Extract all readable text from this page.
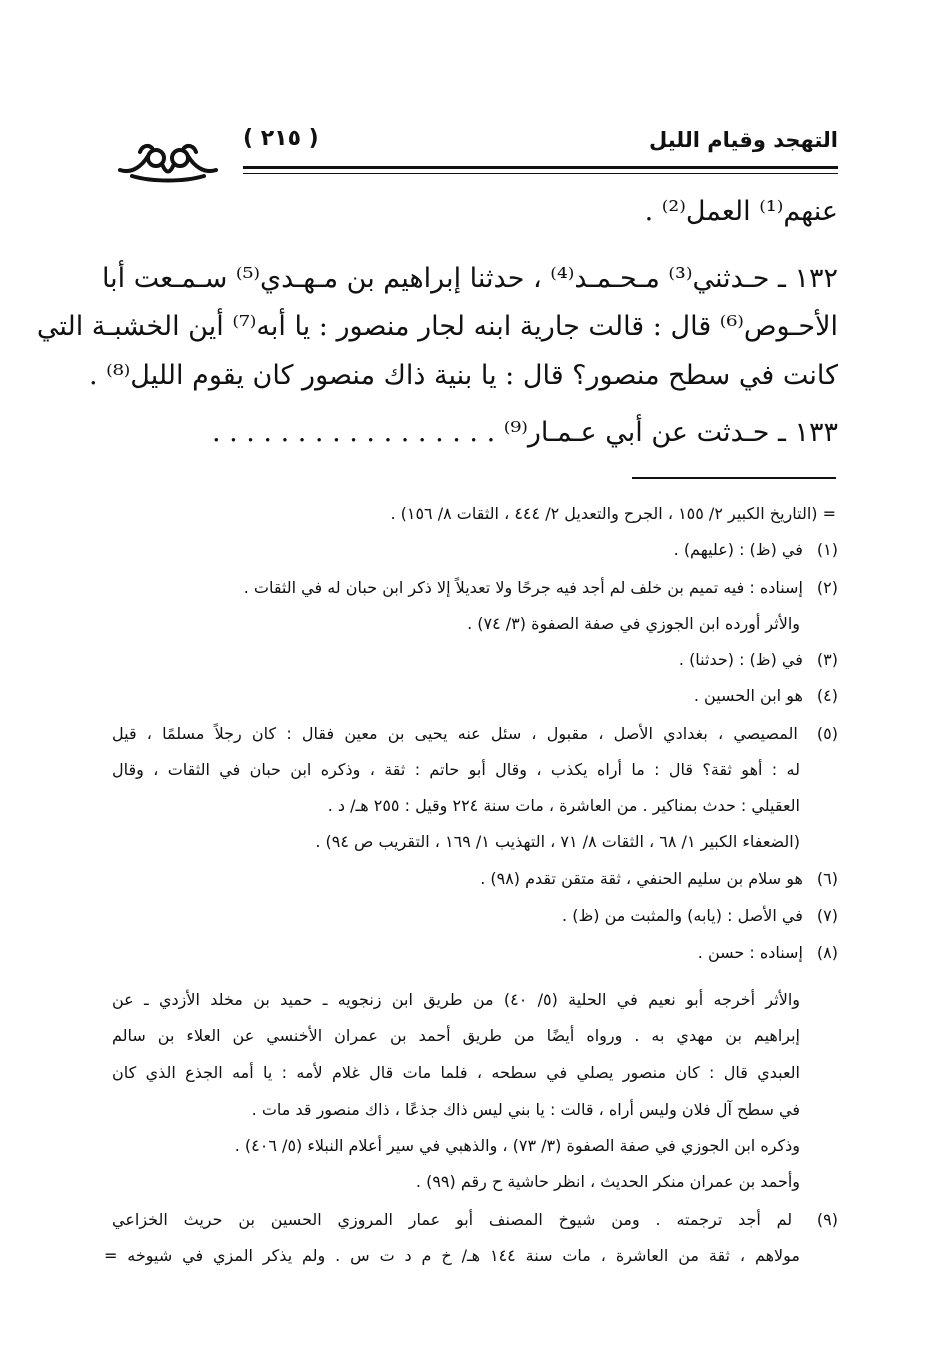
التهجد وقيام الليل
( ٢١٥ )
عنهم⁽¹⁾ العمل⁽²⁾ .
١٣٢ ـ حـدثني⁽³⁾ مـحـمـد⁽⁴⁾ ، حدثنا إبراهيم بن مـهـدي⁽⁵⁾ سـمـعت أبا
الأحـوص⁽⁶⁾ قال : قالت جارية ابنه لجار منصور : يا أبه⁽⁷⁾ أين الخشبـة التي
كانت في سطح منصور؟ قال : يا بنية ذاك منصور كان يقوم الليل⁽⁸⁾ .
١٣٣ ـ حـدثت عن أبي عـمـار⁽⁹⁾ . . . . . . . . . . . . . . . . .
= (التاريخ الكبير ٢/ ١٥٥ ، الجرح والتعديل ٢/ ٤٤٤ ، الثقات ٨/ ١٥٦) .
(١) في (ظ) : (عليهم) .
(٢) إسناده : فيه تميم بن خلف لم أجد فيه جرحًا ولا تعديلاً إلا ذكر ابن حبان له في الثقات .
والأثر أورده ابن الجوزي في صفة الصفوة (٣/ ٧٤) .
(٣) في (ظ) : (حدثنا) .
(٤) هو ابن الحسين .
(٥) المصيصي ، بغدادي الأصل ، مقبول ، سئل عنه يحيى بن معين فقال : كان رجلاً مسلمًا ، قيل
له : أهو ثقة؟ قال : ما أراه يكذب ، وقال أبو حاتم : ثقة ، وذكره ابن حبان في الثقات ، وقال
العقيلي : حدث بمناكير . من العاشرة ، مات سنة ٢٢٤ وقيل : ٢٥٥ هـ/ د .
(الضعفاء الكبير ١/ ٦٨ ، الثقات ٨/ ٧١ ، التهذيب ١/ ١٦٩ ، التقريب ص ٩٤) .
(٦) هو سلام بن سليم الحنفي ، ثقة متقن تقدم (٩٨) .
(٧) في الأصل : (يابه) والمثبت من (ظ) .
(٨) إسناده : حسن .
والأثر أخرجه أبو نعيم في الحلية (٥/ ٤٠) من طريق ابن زنجويه ـ حميد بن مخلد الأزدي ـ عن
إبراهيم بن مهدي به . ورواه أيضًا من طريق أحمد بن عمران الأخنسي عن العلاء بن سالم
العبدي قال : كان منصور يصلي في سطحه ، فلما مات قال غلام لأمه : يا أمه الجذع الذي كان
في سطح آل فلان وليس أراه ، قالت : يا بني ليس ذاك جذعًا ، ذاك منصور قد مات .
وذكره ابن الجوزي في صفة الصفوة (٣/ ٧٣) ، والذهبي في سير أعلام النبلاء (٥/ ٤٠٦) .
وأحمد بن عمران منكر الحديث ، انظر حاشية ح رقم (٩٩) .
(٩) لم أجد ترجمته . ومن شيوخ المصنف أبو عمار المروزي الحسين بن حريث الخزاعي
مولاهم ، ثقة من العاشرة ، مات سنة ١٤٤ هـ/ خ م د ت س . ولم يذكر المزي في شيوخه =
